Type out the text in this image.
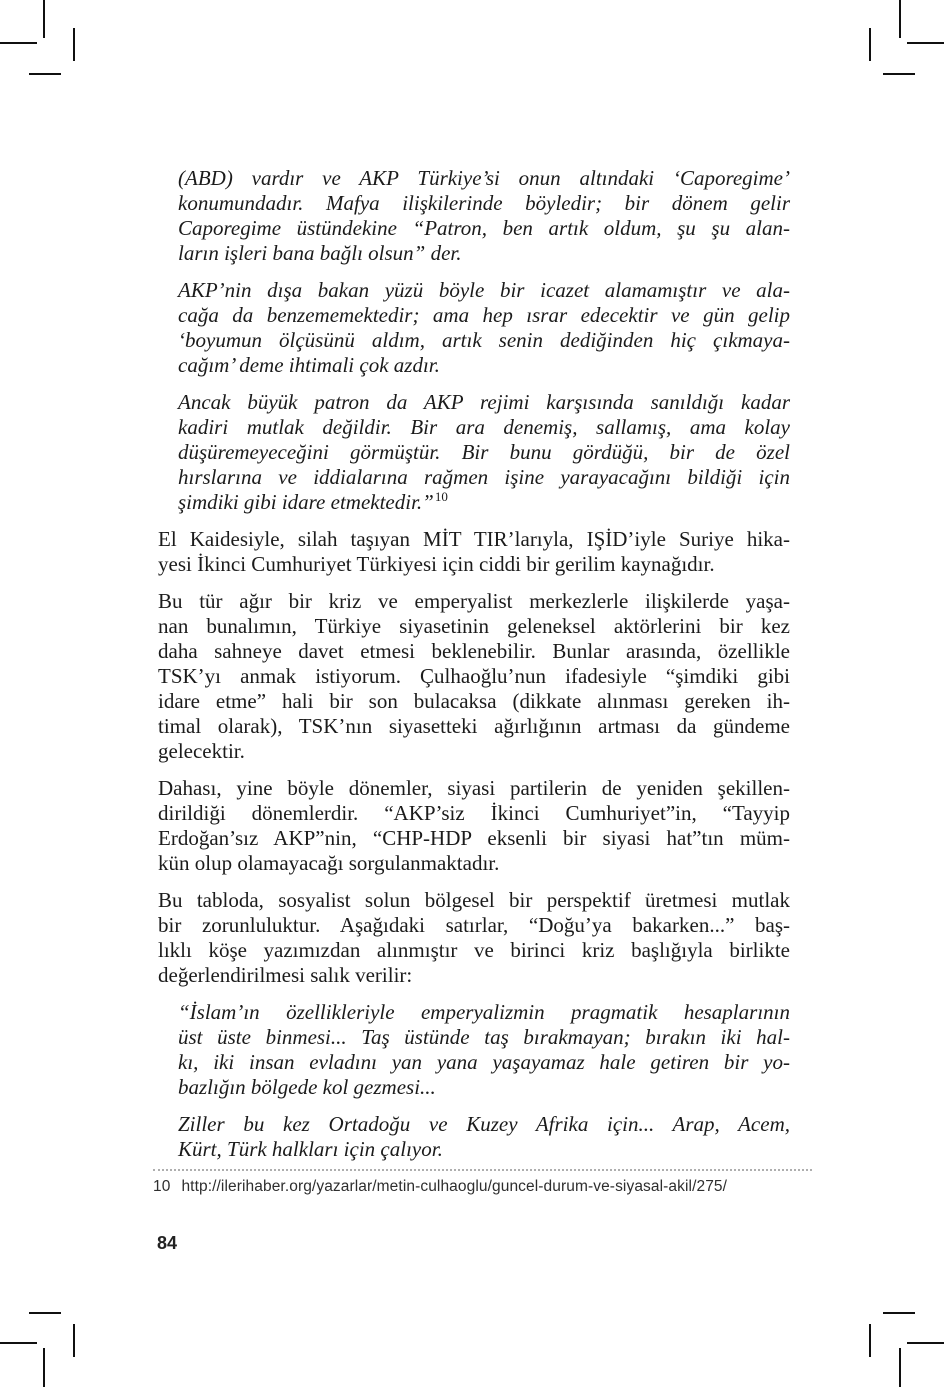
(ABD) vardır ve AKP Türkiye’si onun altındaki ‘Caporegime’
konumundadır. Mafya ilişkilerinde böyledir; bir dönem gelir
Caporegime üstündekine “Patron, ben artık oldum, şu şu alan-
ların işleri bana bağlı olsun” der.
AKP’nin dışa bakan yüzü böyle bir icazet alamamıştır ve ala-
cağa da benzememektedir; ama hep ısrar edecektir ve gün gelip
‘boyumun ölçüsünü aldım, artık senin dediğinden hiç çıkmaya-
cağım’ deme ihtimali çok azdır.
Ancak büyük patron da AKP rejimi karşısında sanıldığı kadar
kadiri mutlak değildir. Bir ara denemiş, sallamış, ama kolay
düşüremeyeceğini görmüştür. Bir bunu gördüğü, bir de özel
hırslarına ve iddialarına rağmen işine yarayacağını bildiği için
şimdiki gibi idare etmektedir.”$^{10}$
El Kaidesiyle, silah taşıyan MİT TIR’larıyla, IŞİD’iyle Suriye hika-
yesi İkinci Cumhuriyet Türkiyesi için ciddi bir gerilim kaynağıdır.
Bu tür ağır bir kriz ve emperyalist merkezlerle ilişkilerde yaşa-
nan bunalımın, Türkiye siyasetinin geleneksel aktörlerini bir kez
daha sahneye davet etmesi beklenebilir. Bunlar arasında, özellikle
TSK’yı anmak istiyorum. Çulhaoğlu’nun ifadesiyle “şimdiki gibi
idare etme” hali bir son bulacaksa (dikkate alınması gereken ih-
timal olarak), TSK’nın siyasetteki ağırlığının artması da gündeme
gelecektir.
Dahası, yine böyle dönemler, siyasi partilerin de yeniden şekillen-
dirildiği dönemlerdir. “AKP’siz İkinci Cumhuriyet”in, “Tayyip
Erdoğan’sız AKP”nin, “CHP-HDP eksenli bir siyasi hat”tın müm-
kün olup olamayacağı sorgulanmaktadır.
Bu tabloda, sosyalist solun bölgesel bir perspektif üretmesi mutlak
bir zorunluluktur. Aşağıdaki satırlar, “Doğu’ya bakarken...” baş-
lıklı köşe yazımızdan alınmıştır ve birinci kriz başlığıyla birlikte
değerlendirilmesi salık verilir:
“İslam’ın özellikleriyle emperyalizmin pragmatik hesaplarının
üst üste binmesi... Taş üstünde taş bırakmayan; bırakın iki hal-
kı, iki insan evladını yan yana yaşayamaz hale getiren bir yo-
bazlığın bölgede kol gezmesi...
Ziller bu kez Ortadoğu ve Kuzey Afrika için... Arap, Acem,
Kürt, Türk halkları için çalıyor.
10 http://ilerihaber.org/yazarlar/metin-culhaoglu/guncel-durum-ve-siyasal-akil/275/
84
